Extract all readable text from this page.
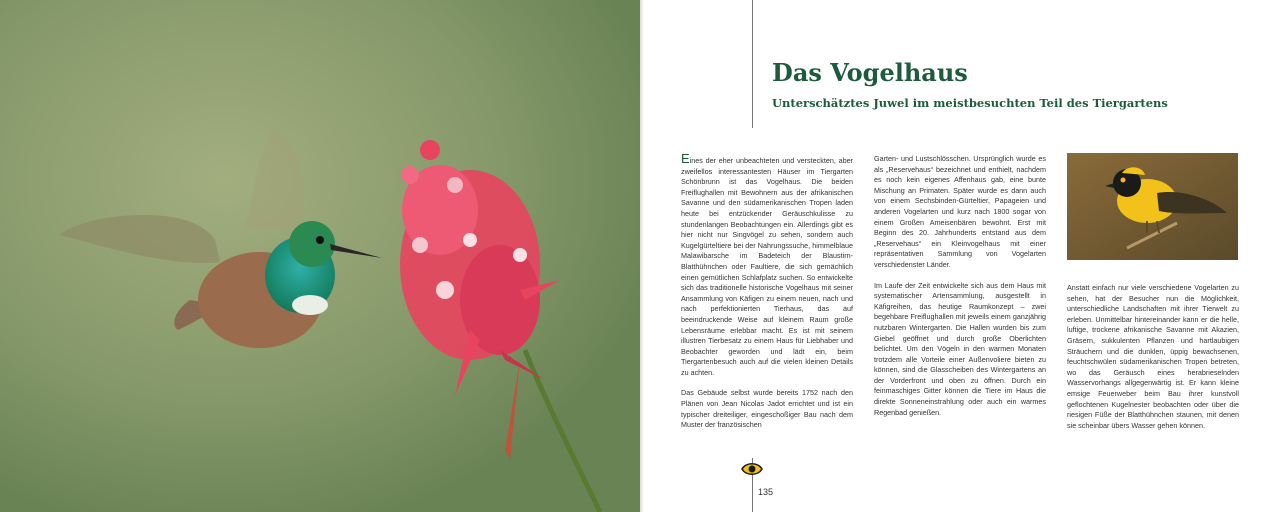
Das Vogelhaus
Unterschätztes Juwel im meistbesuchten Teil des Tiergartens

Eines der eher unbeachteten und versteckten, aber zweifellos interessantesten Häuser im Tiergarten Schönbrunn ist das Vogelhaus. Die beiden Freiflughallen mit Bewohnern aus der afrikanischen Savanne und den südamerikanischen Tropen laden heute bei entzückender Geräuschkulisse zu stundenlangen Beobachtungen ein. Allerdings gibt es hier nicht nur Singvögel zu sehen, sondern auch Kugelgürteltiere bei der Nahrungssuche, himmelblaue Malawibarsche im Badeteich der Blaustirn-Blatthühnchen oder Faultiere, die sich gemächlich einen gemütlichen Schlafplatz suchen. So entwickelte sich das traditionelle historische Vogelhaus mit seiner Ansammlung von Käfigen zu einem neuen, nach und nach perfektionierten Tierhaus, das auf beeindruckende Weise auf kleinem Raum große Lebensräume erlebbar macht. Es ist mit seinem illustren Tierbesatz zu einem Haus für Liebhaber und Beobachter geworden und lädt ein, beim Tiergartenbesuch auch auf die vielen kleinen Details zu achten.

Das Gebäude selbst wurde bereits 1752 nach den Plänen von Jean Nicolas Jadot errichtet und ist ein typischer dreiteiliger, eingeschoßiger Bau nach dem Muster der französischen

Garten- und Lustschlösschen. Ursprünglich wurde es als „Reservehaus“ bezeichnet und enthielt, nachdem es noch kein eigenes Affenhaus gab, eine bunte Mischung an Primaten. Später wurde es dann auch von einem Sechsbinden-Gürteltier, Papageien und anderen Vogelarten und kurz nach 1800 sogar von einem Großen Ameisenbären bewohnt. Erst mit Beginn des 20. Jahrhunderts entstand aus dem „Reservehaus“ ein Kleinvogelhaus mit einer repräsentativen Sammlung von Vogelarten verschiedenster Länder.

Im Laufe der Zeit entwickelte sich aus dem Haus mit systematischer Artensammlung, ausgestellt in Käfigreihen, das heutige Raumkonzept – zwei begehbare Freiflughallen mit jeweils einem ganzjährig nutzbaren Wintergarten. Die Hallen wurden bis zum Giebel geöffnet und durch große Oberlichten belichtet. Um den Vögeln in den warmen Monaten trotzdem alle Vorteile einer Außenvoliere bieten zu können, sind die Glasscheiben des Wintergartens an der Vorderfront und oben zu öffnen. Durch ein feinmaschiges Gitter können die Tiere im Haus die direkte Sonneneinstrahlung oder auch ein warmes Regenbad genießen.

Anstatt einfach nur viele verschiedene Vogelarten zu sehen, hat der Besucher nun die Möglichkeit, unterschiedliche Landschaften mit ihrer Tierwelt zu erleben. Unmittelbar hintereinander kann er die helle, luftige, trockene afrikanische Savanne mit Akazien, Gräsern, sukkulenten Pflanzen und hartlaubigen Sträuchern und die dunklen, üppig bewachsenen, feuchtschwülen südamerikanischen Tropen betreten, wo das Geräusch eines herabrieselnden Wasservorhangs allgegenwärtig ist. Er kann kleine emsige Feuerweber beim Bau ihrer kunstvoll geflochtenen Kugelnester beobachten oder über die riesigen Füße der Blatthühnchen staunen, mit denen sie scheinbar übers Wasser gehen können.

135
